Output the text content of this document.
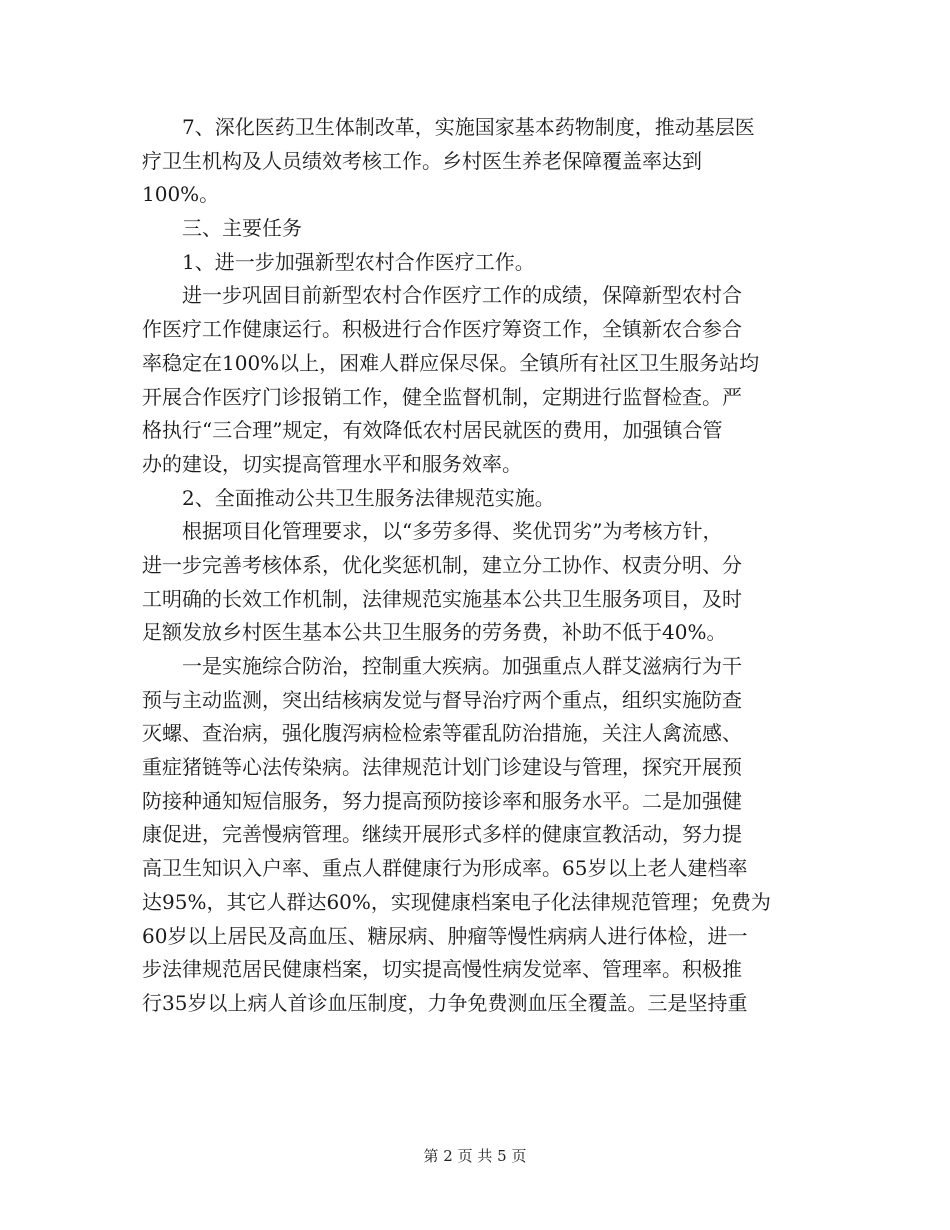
　　7、深化医药卫生体制改革，实施国家基本药物制度，推动基层医
疗卫生机构及人员绩效考核工作。乡村医生养老保障覆盖率达到
100%。
　　三、主要任务
　　1、进一步加强新型农村合作医疗工作。
　　进一步巩固目前新型农村合作医疗工作的成绩，保障新型农村合
作医疗工作健康运行。积极进行合作医疗筹资工作，全镇新农合参合
率稳定在100%以上，困难人群应保尽保。全镇所有社区卫生服务站均
开展合作医疗门诊报销工作，健全监督机制，定期进行监督检查。严
格执行“三合理”规定，有效降低农村居民就医的费用，加强镇合管
办的建设，切实提高管理水平和服务效率。
　　2、全面推动公共卫生服务法律规范实施。
　　根据项目化管理要求，以“多劳多得、奖优罚劣”为考核方针，
进一步完善考核体系，优化奖惩机制，建立分工协作、权责分明、分
工明确的长效工作机制，法律规范实施基本公共卫生服务项目，及时
足额发放乡村医生基本公共卫生服务的劳务费，补助不低于40%。
　　一是实施综合防治，控制重大疾病。加强重点人群艾滋病行为干
预与主动监测，突出结核病发觉与督导治疗两个重点，组织实施防查
灭螺、查治病，强化腹泻病检检索等霍乱防治措施，关注人禽流感、
重症猪链等心法传染病。法律规范计划门诊建设与管理，探究开展预
防接种通知短信服务，努力提高预防接诊率和服务水平。二是加强健
康促进，完善慢病管理。继续开展形式多样的健康宣教活动，努力提
高卫生知识入户率、重点人群健康行为形成率。65岁以上老人建档率
达95%，其它人群达60%，实现健康档案电子化法律规范管理；免费为
60岁以上居民及高血压、糖尿病、肿瘤等慢性病病人进行体检，进一
步法律规范居民健康档案，切实提高慢性病发觉率、管理率。积极推
行35岁以上病人首诊血压制度，力争免费测血压全覆盖。三是坚持重
第 2 页 共 5 页
